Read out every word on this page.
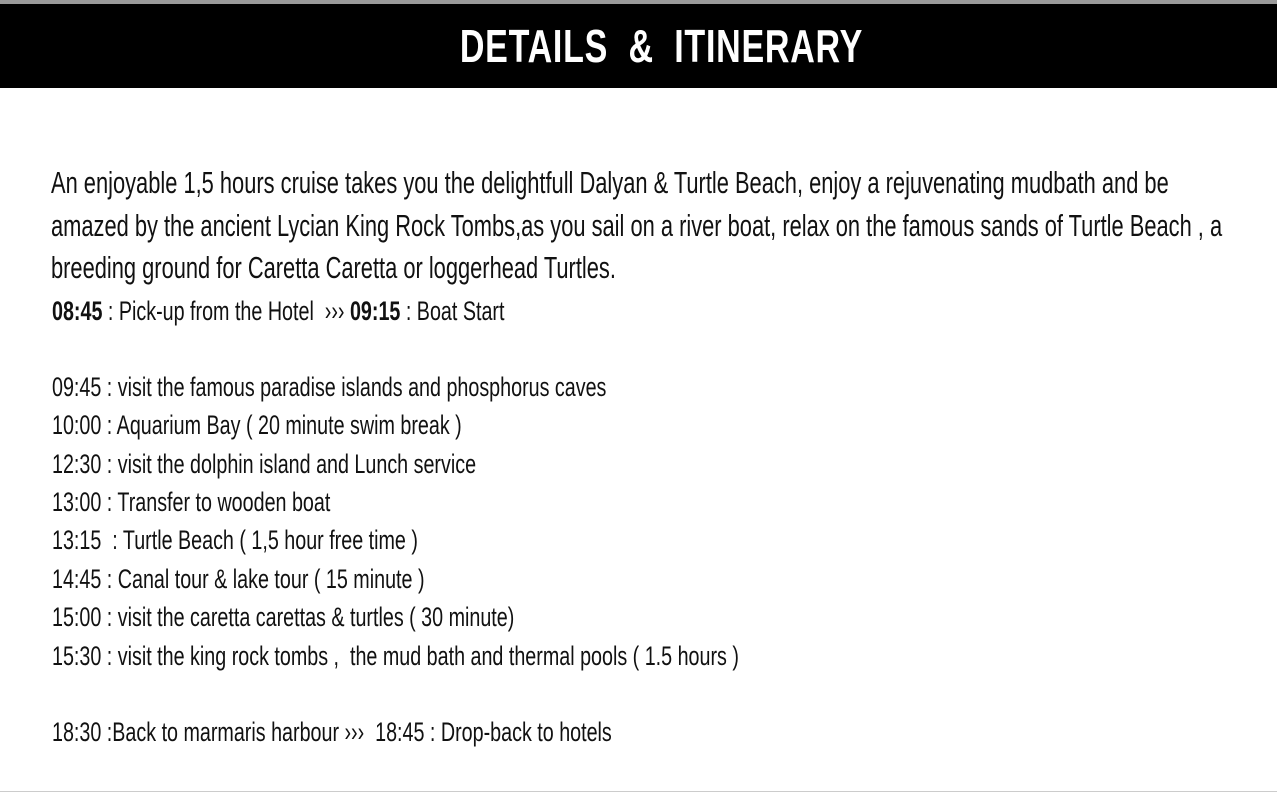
DETAILS  &  ITINERARY
An enjoyable 1,5 hours cruise takes you the delightfull Dalyan & Turtle Beach, enjoy a rejuvenating mudbath and be amazed by the ancient Lycian King Rock Tombs,as you sail on a river boat, relax on the famous sands of Turtle Beach , a breeding ground for Caretta Caretta or loggerhead Turtles.
08:45 : Pick-up from the Hotel  ››› 09:15 : Boat Start
09:45 : visit the famous paradise islands and phosphorus caves
10:00 : Aquarium Bay ( 20 minute swim break )
12:30 : visit the dolphin island and Lunch service
13:00 : Transfer to wooden boat
13:15  : Turtle Beach ( 1,5 hour free time )
14:45 : Canal tour & lake tour ( 15 minute )
15:00 : visit the caretta carettas & turtles ( 30 minute)
15:30 : visit the king rock tombs ,  the mud bath and thermal pools ( 1.5 hours )
18:30 :Back to marmaris harbour ›››  18:45 : Drop-back to hotels
